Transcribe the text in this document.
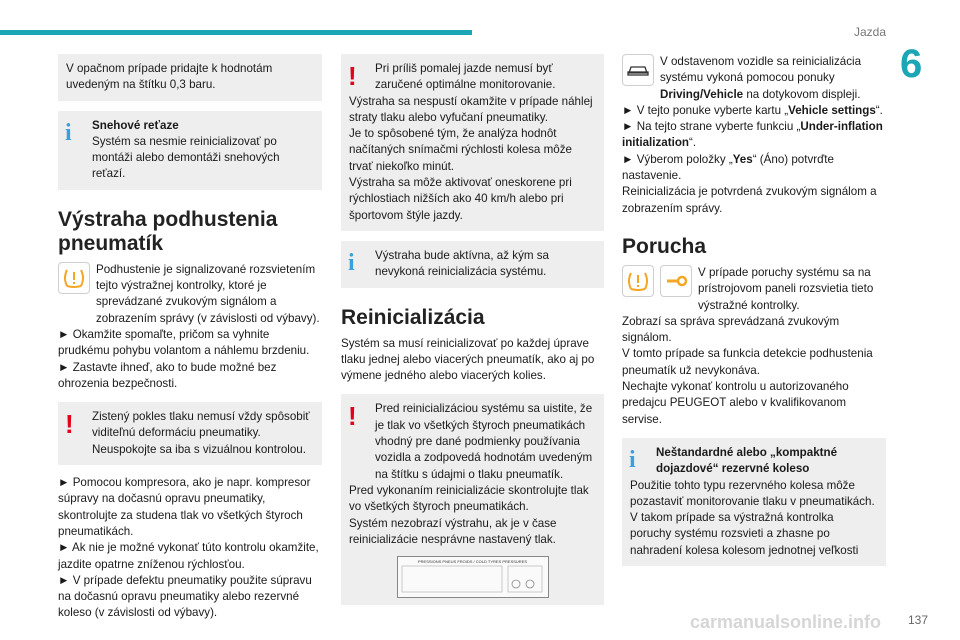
Jazda
6

V opačnom prípade pridajte k hodnotám uvedeným na štítku 0,3 baru.

i	Snehové reťaze

Systém sa nesmie reinicializovať po montáži alebo demontáži snehových reťazí.

Výstraha podhustenia pneumatík

Podhustenie je signalizované rozsvietením tejto výstražnej kontrolky, ktoré je sprevádzané zvukovým signálom a zobrazením správy (v závislosti od výbavy).

► Okamžite spomaľte, pričom sa vyhnite prudkému pohybu volantom a náhlemu brzdeniu.

► Zastavte ihneď, ako to bude možné bez ohrozenia bezpečnosti.

!	Zistený pokles tlaku nemusí vždy spôsobiť viditeľnú deformáciu pneumatiky.

Neuspokojte sa iba s vizuálnou kontrolou.

► Pomocou kompresora, ako je napr. kompresor súpravy na dočasnú opravu pneumatiky, skontrolujte za studena tlak vo všetkých štyroch pneumatikách.

► Ak nie je možné vykonať túto kontrolu okamžite, jazdite opatrne zníženou rýchlosťou.

► V prípade defektu pneumatiky použite súpravu na dočasnú opravu pneumatiky alebo rezervné koleso (v závislosti od výbavy).

!	Pri príliš pomalej jazde nemusí byť zaručené optimálne monitorovanie.

Výstraha sa nespustí okamžite v prípade náhlej straty tlaku alebo vyfučaní pneumatiky.

Je to spôsobené tým, že analýza hodnôt načítaných snímačmi rýchlosti kolesa môže trvať niekoľko minút.

Výstraha sa môže aktivovať oneskorene pri rýchlostiach nižších ako 40 km/h alebo pri športovom štýle jazdy.

i	Výstraha bude aktívna, až kým sa nevykoná reinicializácia systému.

Reinicializácia

Systém sa musí reinicializovať po každej úprave tlaku jednej alebo viacerých pneumatík, ako aj po výmene jedného alebo viacerých kolies.

!	Pred reinicializáciou systému sa uistite, že je tlak vo všetkých štyroch pneumatikách vhodný pre dané podmienky používania vozidla a zodpovedá hodnotám uvedeným na štítku s údajmi o tlaku pneumatík.

Pred vykonaním reinicializácie skontrolujte tlak vo všetkých štyroch pneumatikách.

Systém nezobrazí výstrahu, ak je v čase reinicializácie nesprávne nastavený tlak.

PRESSIONS PNEUS FROIDS / COLD TYRES PRESSURES

V odstavenom vozidle sa reinicializácia systému vykoná pomocou ponuky Driving/Vehicle na dotykovom displeji.

► V tejto ponuke vyberte kartu „Vehicle settings“.

► Na tejto strane vyberte funkciu „Under-inflation initialization“.

► Výberom položky „Yes“ (Áno) potvrďte nastavenie.

Reinicializácia je potvrdená zvukovým signálom a zobrazením správy.

Porucha

V prípade poruchy systému sa na prístrojovom paneli rozsvietia tieto výstražné kontrolky.

Zobrazí sa správa sprevádzaná zvukovým signálom.

V tomto prípade sa funkcia detekcie podhustenia pneumatík už nevykonáva.

Nechajte vykonať kontrolu u autorizovaného predajcu PEUGEOT alebo v kvalifikovanom servise.

i	Neštandardné alebo „kompaktné dojazdové“ rezervné koleso

Použitie tohto typu rezervného kolesa môže pozastaviť monitorovanie tlaku v pneumatikách.

V takom prípade sa výstražná kontrolka poruchy systému rozsvieti a zhasne po nahradení kolesa kolesom jednotnej veľkosti

137
carmanualsonline.info
